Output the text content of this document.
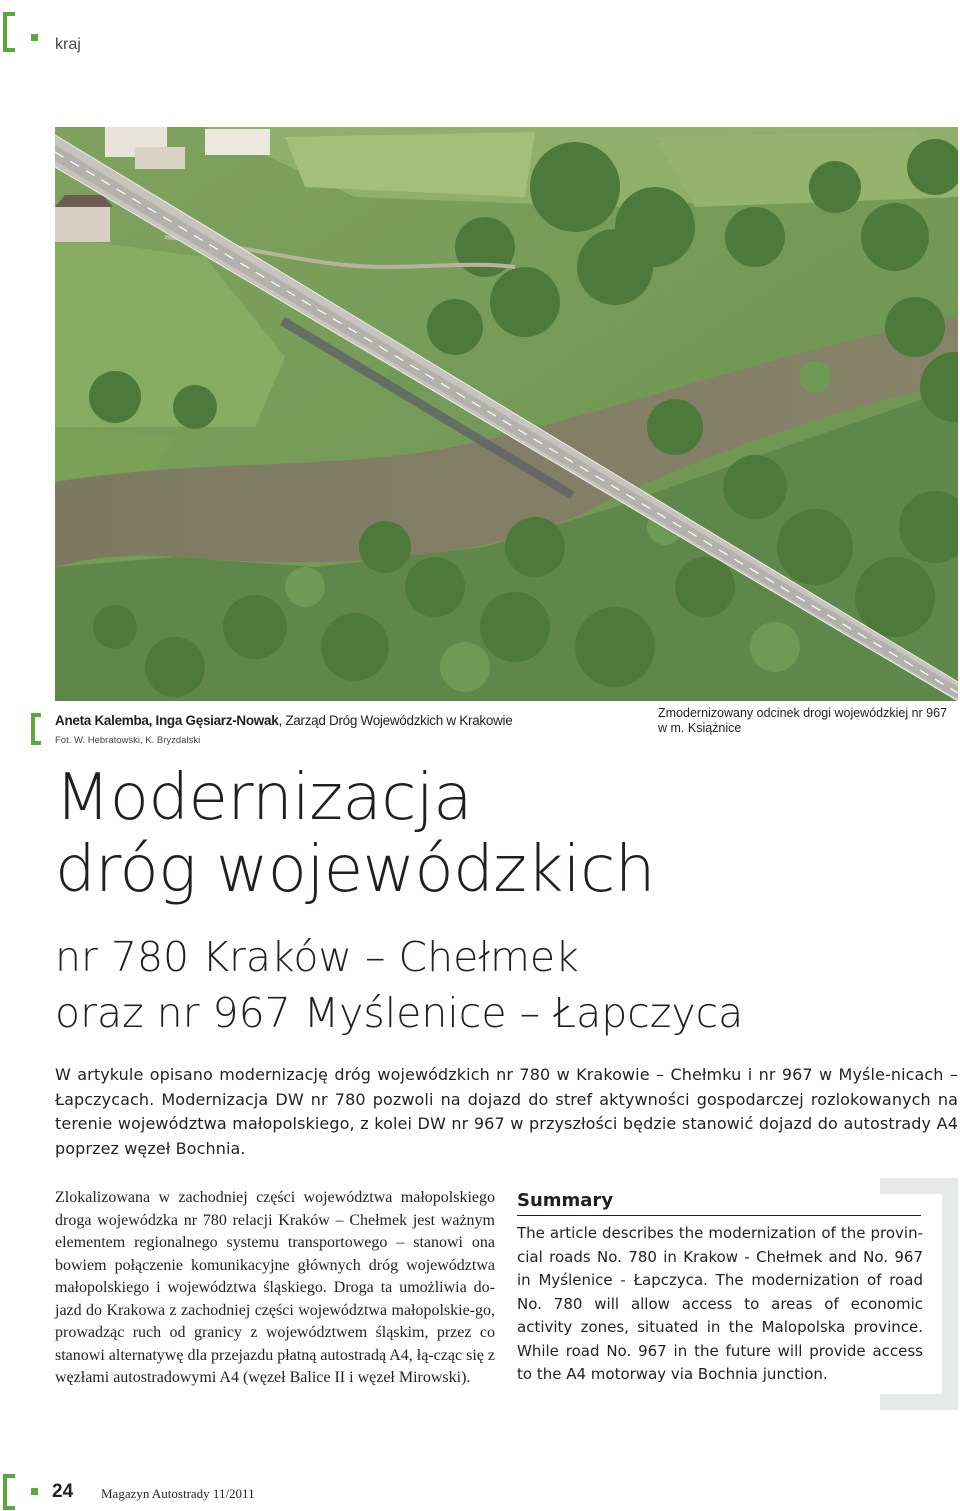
kraj
Aneta Kalemba, Inga Gęsiarz-Nowak, Zarząd Dróg Wojewódzkich w Krakowie
Fot. W. Hebratowski, K. Bryzdalski
Zmodernizowany odcinek drogi wojewódzkiej nr 967
w m. Książnice
Modernizacja
dróg wojewódzkich
nr 780 Kraków – Chełmek
oraz nr 967 Myślenice – Łapczyca
W artykule opisano modernizację dróg wojewódzkich nr 780 w Krakowie – Chełmku i nr 967 w Myśle-nicach – Łapczycach. Modernizacja DW nr 780 pozwoli na dojazd do stref aktywności gospodarczej rozlokowanych na terenie województwa małopolskiego, z kolei DW nr 967 w przyszłości będzie stanowić dojazd do autostrady A4 poprzez węzeł Bochnia.
Zlokalizowana w zachodniej części województwa małopolskiego droga wojewódzka nr 780 relacji Kraków – Chełmek jest ważnym elementem regionalnego systemu transportowego – stanowi ona bowiem połączenie komunikacyjne głównych dróg województwa małopolskiego i województwa śląskiego. Droga ta umożliwia do-jazd do Krakowa z zachodniej części województwa małopolskie-go, prowadząc ruch od granicy z województwem śląskim, przez co stanowi alternatywę dla przejazdu płatną autostradą A4, łą-cząc się z węzłami autostradowymi A4 (węzeł Balice II i węzeł Mirowski).
Summary
The article describes the modernization of the provin-cial roads No. 780 in Krakow - Chełmek and No. 967 in Myślenice - Łapczyca. The modernization of road No. 780 will allow access to areas of economic activity zones, situated in the Malopolska province. While road No. 967 in the future will provide access to the A4 motorway via Bochnia junction.
24 Magazyn Autostrady 11/2011
